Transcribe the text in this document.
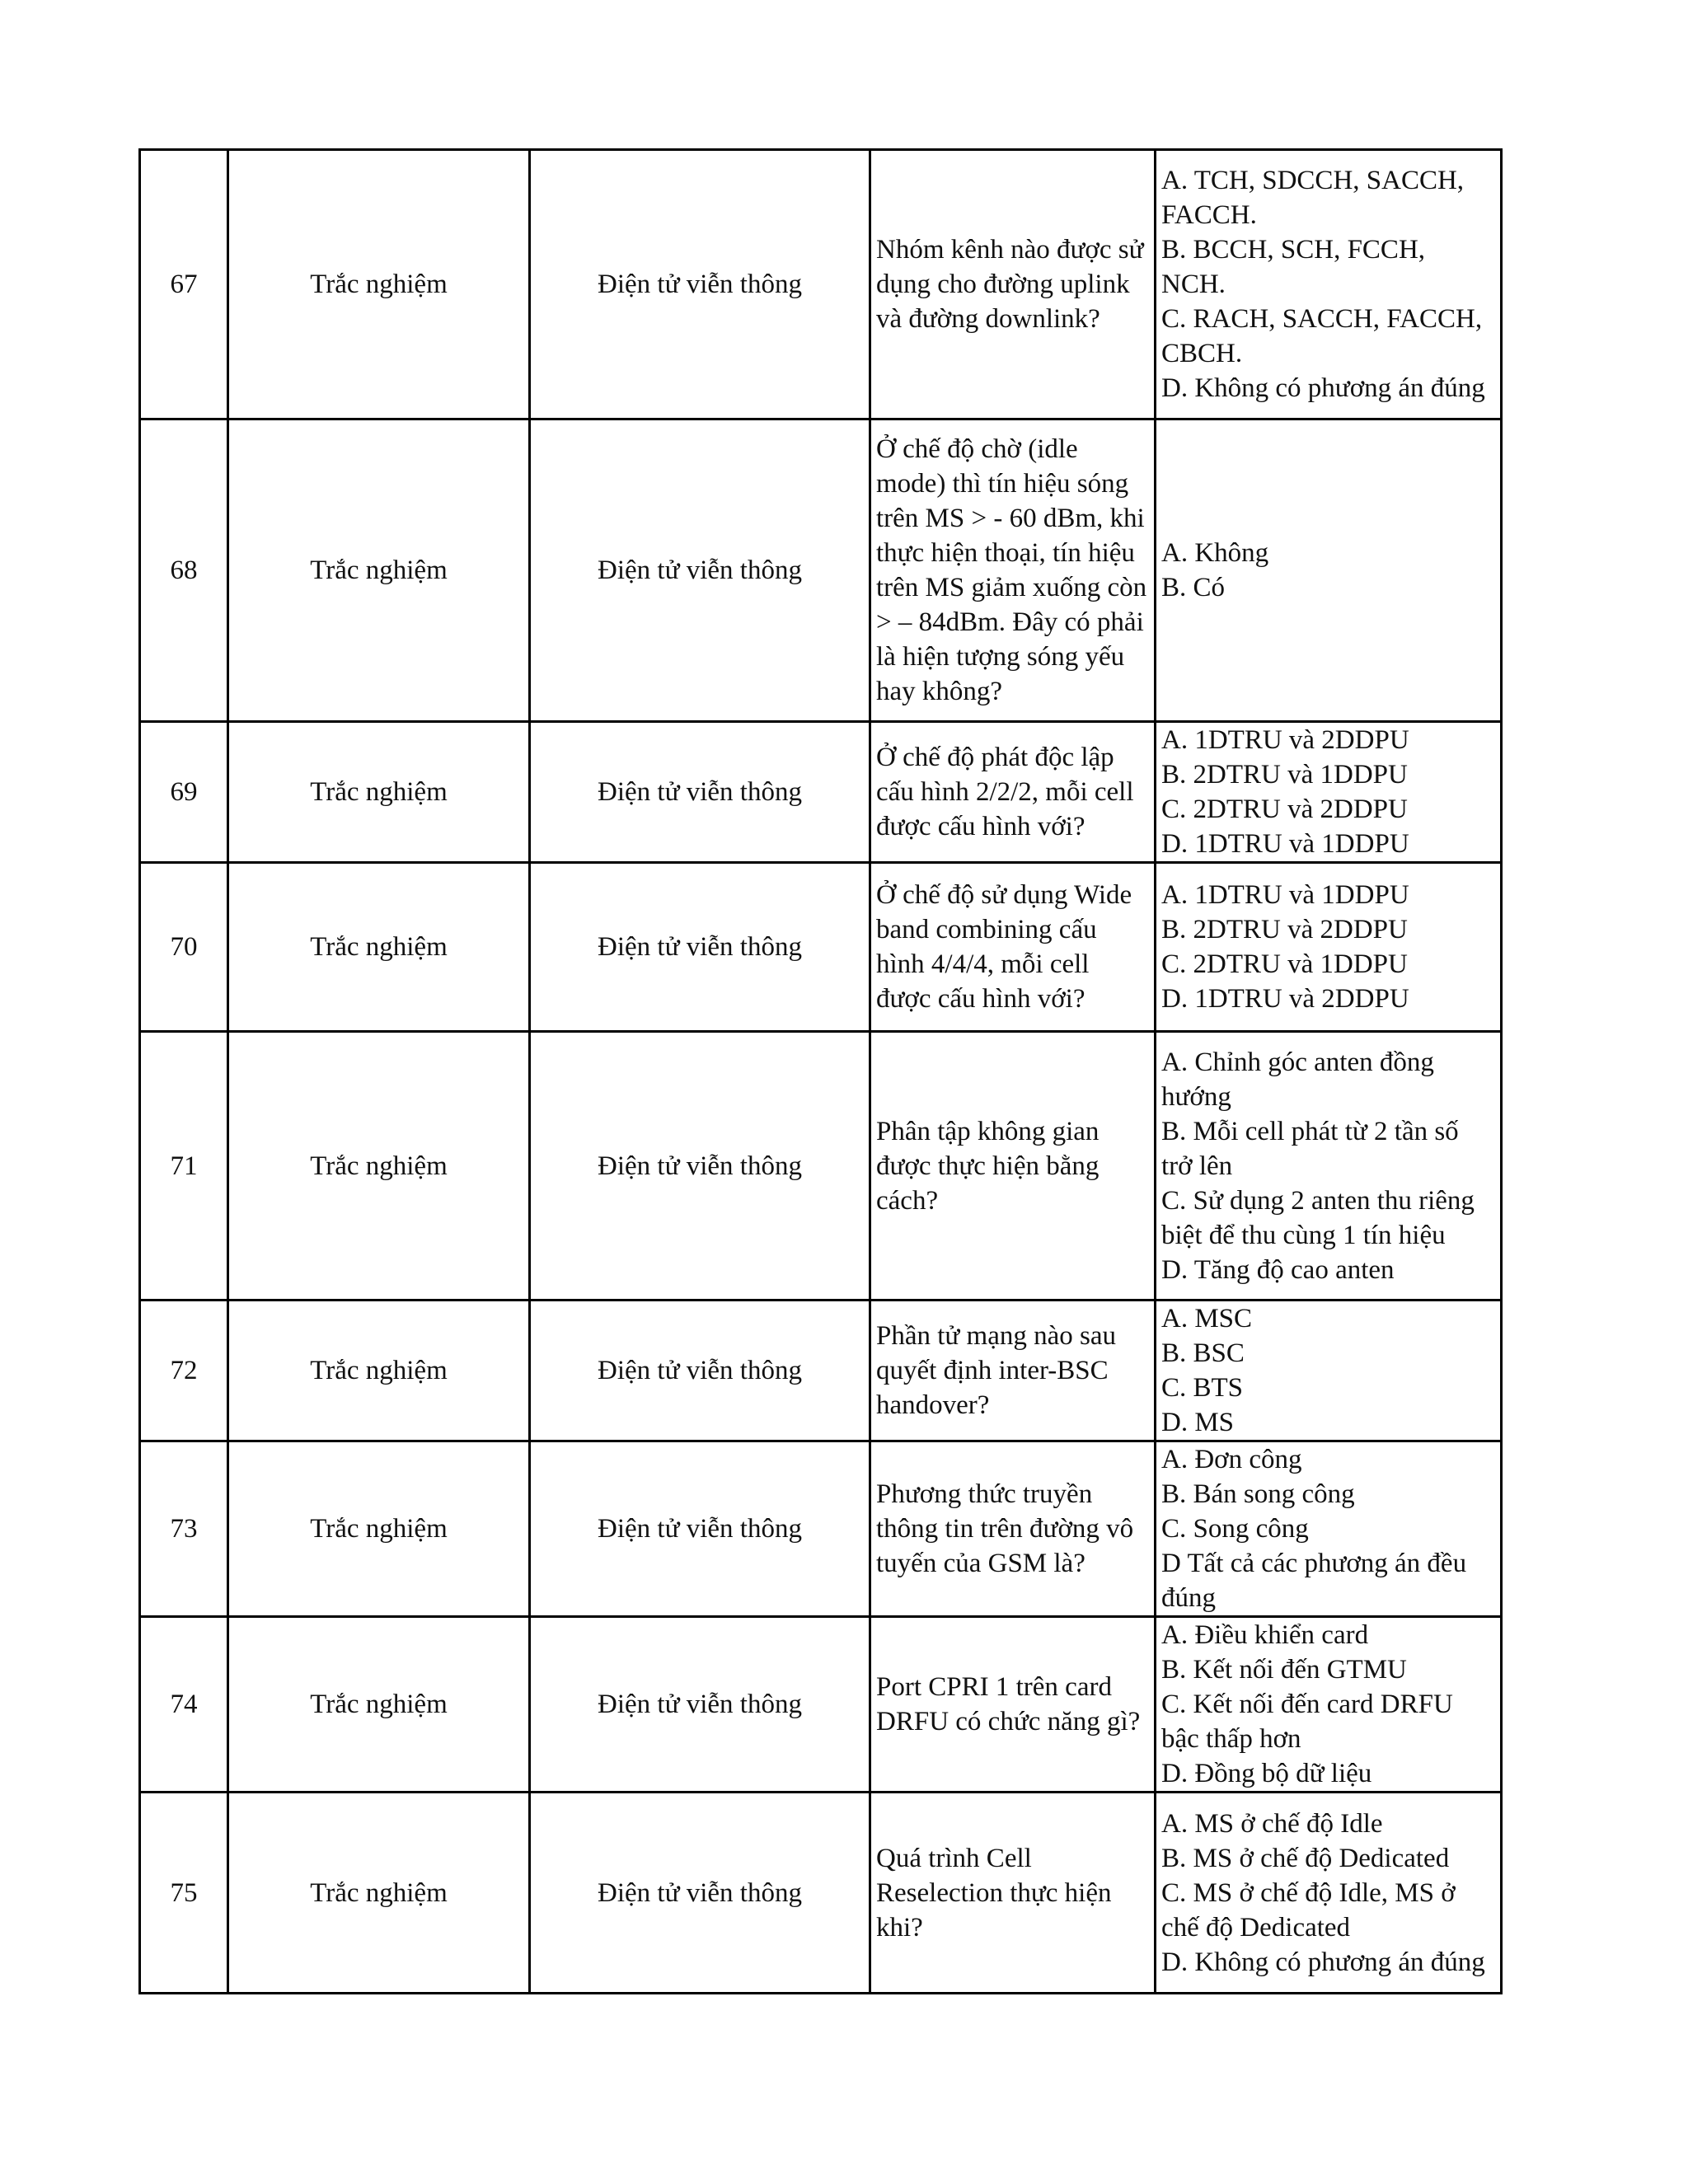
67	Trắc nghiệm	Điện tử viễn thông	Nhóm kênh nào được sử dụng cho đường uplink và đường downlink?	A. TCH, SDCCH, SACCH, FACCH.
B. BCCH, SCH, FCCH, NCH.
C. RACH, SACCH, FACCH, CBCH.
D. Không có phương án đúng

68	Trắc nghiệm	Điện tử viễn thông	Ở chế độ chờ (idle mode) thì tín hiệu sóng trên MS > - 60 dBm, khi thực hiện thoại, tín hiệu trên MS giảm xuống còn > – 84dBm. Đây có phải là hiện tượng sóng yếu hay không?	A. Không
B. Có

69	Trắc nghiệm	Điện tử viễn thông	Ở chế độ phát độc lập cấu hình 2/2/2, mỗi cell được cấu hình với?	A. 1DTRU và 2DDPU
B. 2DTRU và 1DDPU
C. 2DTRU và 2DDPU
D. 1DTRU và 1DDPU

70	Trắc nghiệm	Điện tử viễn thông	Ở chế độ sử dụng Wide band combining cấu hình 4/4/4, mỗi cell được cấu hình với?	A. 1DTRU và 1DDPU
B. 2DTRU và 2DDPU
C. 2DTRU và 1DDPU
D. 1DTRU và 2DDPU

71	Trắc nghiệm	Điện tử viễn thông	Phân tập không gian được thực hiện bằng cách?	A. Chỉnh góc anten đồng hướng
B. Mỗi cell phát từ 2 tần số trở lên
C. Sử dụng 2 anten thu riêng biệt để thu cùng 1 tín hiệu
D. Tăng độ cao anten

72	Trắc nghiệm	Điện tử viễn thông	Phần tử mạng nào sau quyết định inter-BSC handover?	A. MSC
B. BSC
C. BTS
D. MS

73	Trắc nghiệm	Điện tử viễn thông	Phương thức truyền thông tin trên đường vô tuyến của GSM là?	A. Đơn công
B. Bán song công
C. Song công
D Tất cả các phương án đều đúng

74	Trắc nghiệm	Điện tử viễn thông	Port CPRI 1 trên card DRFU có chức năng gì?	A. Điều khiển card
B. Kết nối đến GTMU
C. Kết nối đến card DRFU bậc thấp hơn
D. Đồng bộ dữ liệu

75	Trắc nghiệm	Điện tử viễn thông	Quá trình Cell Reselection thực hiện khi?	A. MS ở chế độ Idle
B. MS ở chế độ Dedicated
C. MS ở chế độ Idle, MS ở chế độ Dedicated
D. Không có phương án đúng
